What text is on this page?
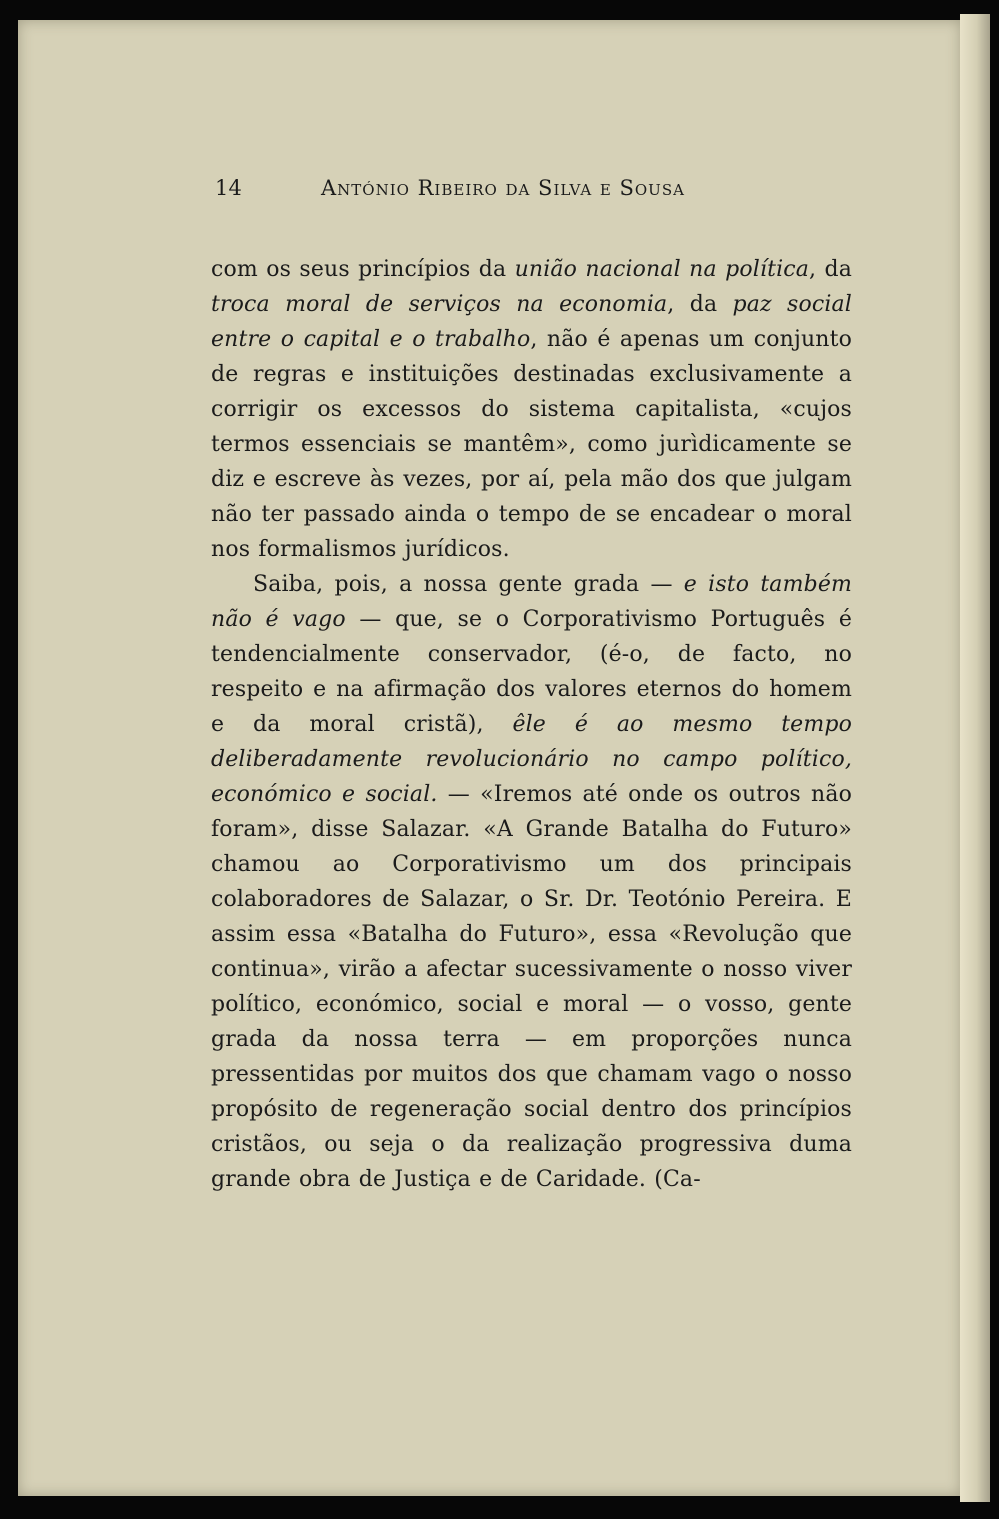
14	António Ribeiro da Silva e Sousa

com os seus princípios da união nacional na política, da troca moral de serviços na economia, da paz social entre o capital e o trabalho, não é apenas um conjunto de regras e instituições destinadas exclusivamente a corrigir os excessos do sistema capitalista, «cujos termos essenciais se mantêm», como jurìdicamente se diz e escreve às vezes, por aí, pela mão dos que julgam não ter passado ainda o tempo de se encadear o moral nos formalismos jurídicos.

Saiba, pois, a nossa gente grada — e isto também não é vago — que, se o Corporativismo Português é tendencialmente conservador, (é-o, de facto, no respeito e na afirmação dos valores eternos do homem e da moral cristã), êle é ao mesmo tempo deliberadamente revolucionário no campo político, económico e social. — «Iremos até onde os outros não foram», disse Salazar. «A Grande Batalha do Futuro» chamou ao Corporativismo um dos principais colaboradores de Salazar, o Sr. Dr. Teotónio Pereira. E assim essa «Batalha do Futuro», essa «Revolução que continua», virão a afectar sucessivamente o nosso viver político, económico, social e moral — o vosso, gente grada da nossa terra — em proporções nunca pressentidas por muitos dos que chamam vago o nosso propósito de regeneração social dentro dos princípios cristãos, ou seja o da realização progressiva duma grande obra de Justiça e de Caridade. (Ca-
